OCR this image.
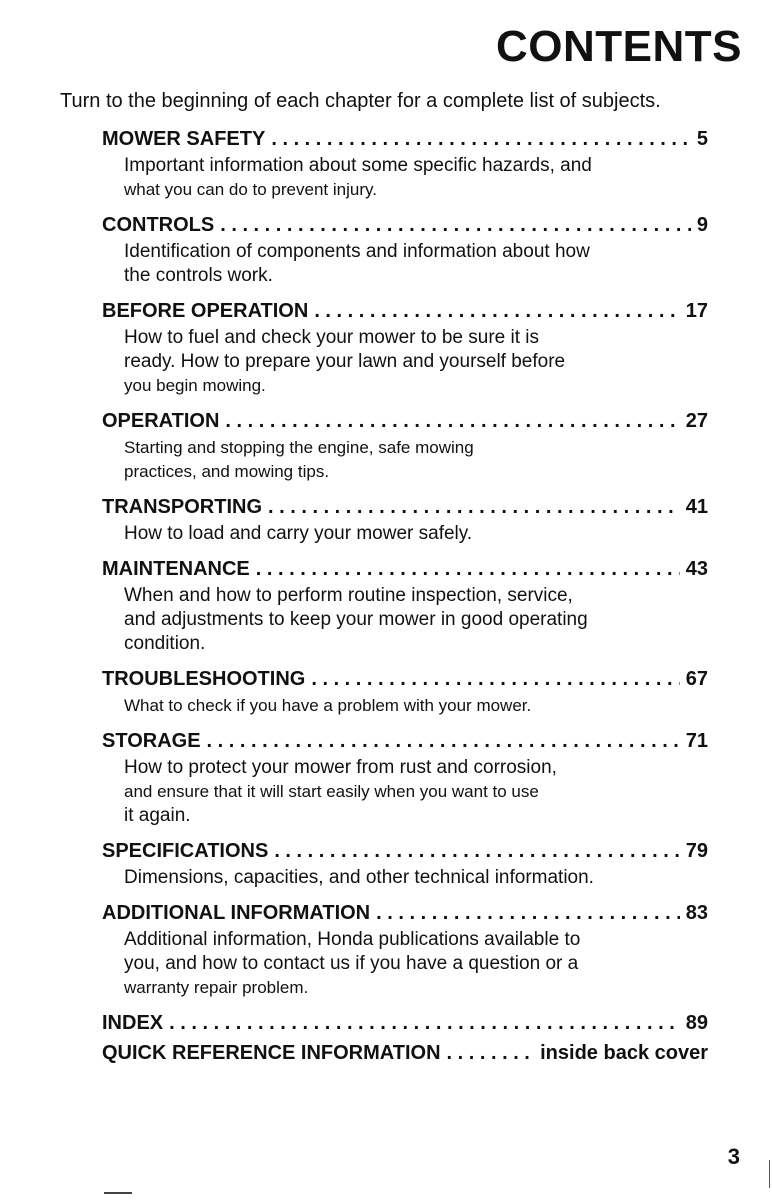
CONTENTS

Turn to the beginning of each chapter for a complete list of subjects.

MOWER SAFETY . . .	5
Important information about some specific hazards, and
what you can do to prevent injury.
CONTROLS . . .	9
Identification of components and information about how
the controls work.
BEFORE OPERATION . . .	17
How to fuel and check your mower to be sure it is
ready. How to prepare your lawn and yourself before
you begin mowing.
OPERATION . . .	27
Starting and stopping the engine, safe mowing
practices, and mowing tips.
TRANSPORTING . . .	41
How to load and carry your mower safely.
MAINTENANCE . . .	43
When and how to perform routine inspection, service,
and adjustments to keep your mower in good operating
condition.
TROUBLESHOOTING . . .	67
What to check if you have a problem with your mower.
STORAGE . . .	71
How to protect your mower from rust and corrosion,
and ensure that it will start easily when you want to use
it again.
SPECIFICATIONS . . .	79
Dimensions, capacities, and other technical information.
ADDITIONAL INFORMATION . . .	83
Additional information, Honda publications available to
you, and how to contact us if you have a question or a
warranty repair problem.
INDEX . . .	89
QUICK REFERENCE INFORMATION . . .	inside back cover
3
